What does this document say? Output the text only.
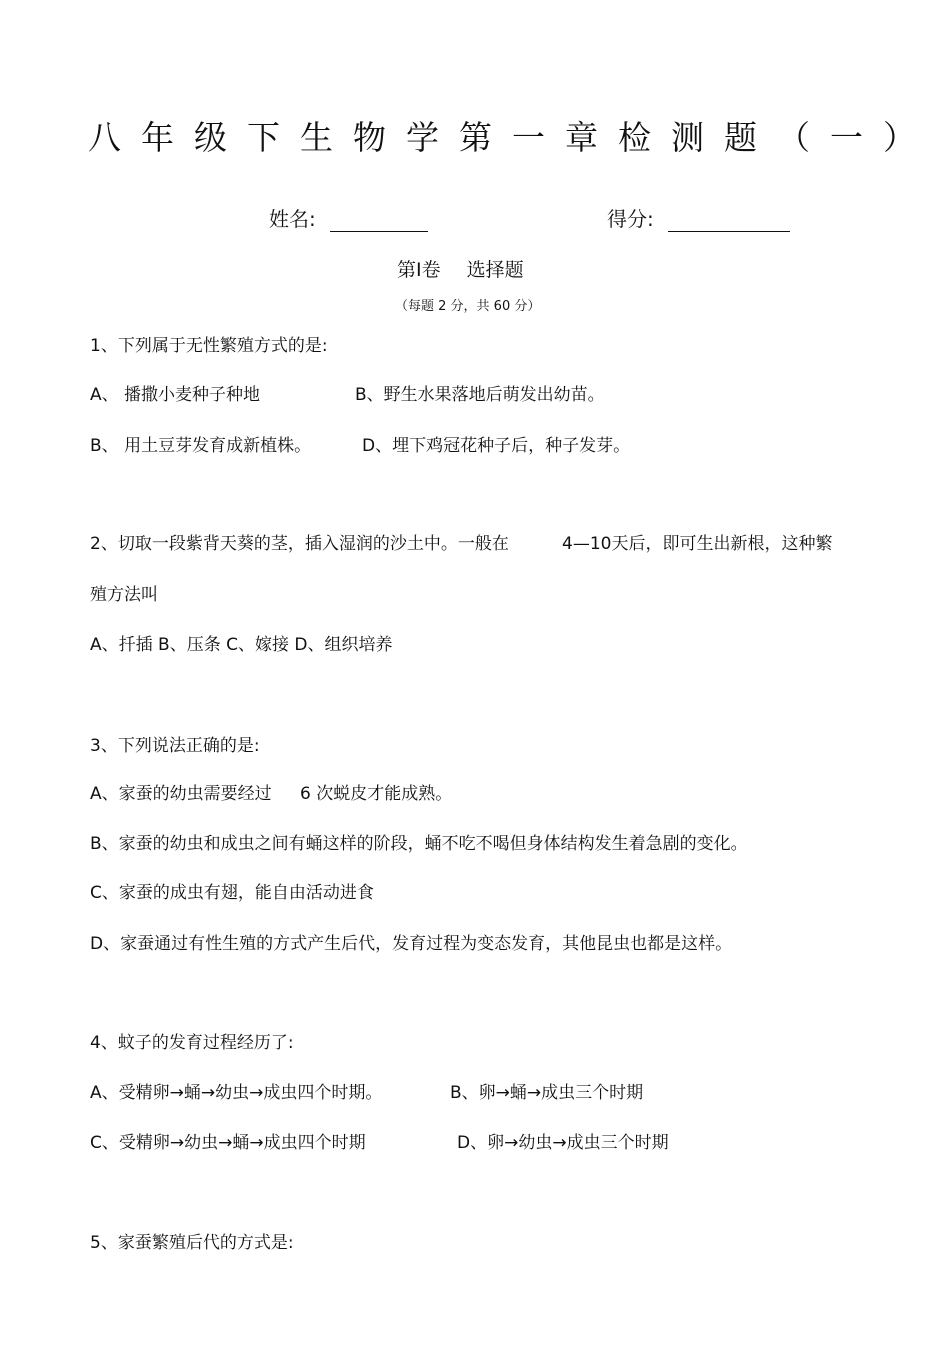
八年级下生物学第一章检测题（一）
姓名:	得分:
第Ⅰ卷 选择题
（每题 2 分，共 60 分）
1、下列属于无性繁殖方式的是:
A、 播撒小麦种子种地	B、野生水果落地后萌发出幼苗。
B、 用土豆芽发育成新植株。	D、埋下鸡冠花种子后，种子发芽。
2、切取一段紫背天葵的茎，插入湿润的沙土中。一般在	4—10天后，即可生出新根，这种繁
殖方法叫
A、扦插 B、压条 C、嫁接 D、组织培养
3、下列说法正确的是:
A、家蚕的幼虫需要经过 6 次蜕皮才能成熟。
B、家蚕的幼虫和成虫之间有蛹这样的阶段，蛹不吃不喝但身体结构发生着急剧的变化。
C、家蚕的成虫有翅，能自由活动进食
D、家蚕通过有性生殖的方式产生后代，发育过程为变态发育，其他昆虫也都是这样。
4、蚊子的发育过程经历了:
A、受精卵→蛹→幼虫→成虫四个时期。	B、卵→蛹→成虫三个时期
C、受精卵→幼虫→蛹→成虫四个时期	D、卵→幼虫→成虫三个时期
5、家蚕繁殖后代的方式是:
